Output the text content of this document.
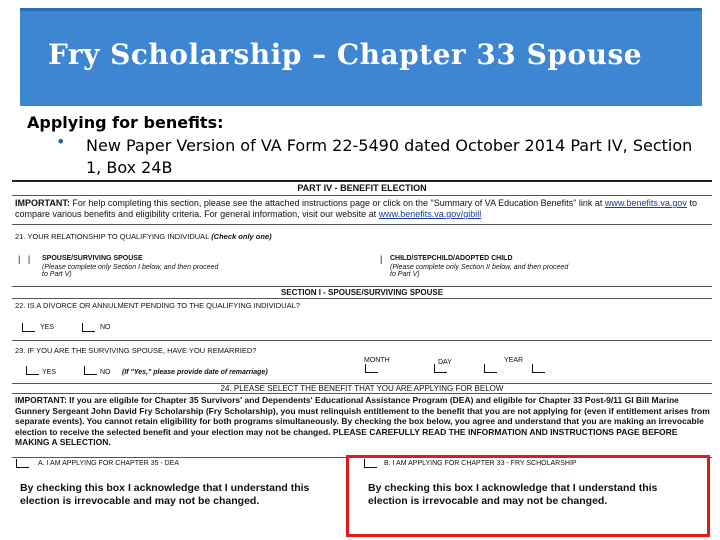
Fry Scholarship – Chapter 33 Spouse
Applying for benefits:
• New Paper Version of VA Form 22-5490 dated October 2014 Part IV, Section 1, Box 24B
PART IV - BENEFIT ELECTION
IMPORTANT: For help completing this section, please see the attached instructions page or click on the "Summary of VA Education Benefits" link at www.benefits.va.gov to compare various benefits and eligibility criteria. For general information, visit our website at www.benefits.va.gov/gibill
21. YOUR RELATIONSHIP TO QUALIFYING INDIVIDUAL (Check only one)
|   | SPOUSE/SURVIVING SPOUSE
(Please complete only Section I below, and then proceed to Part V)
| CHILD/STEPCHILD/ADOPTED CHILD
(Please complete only Section II below, and then proceed to Part V)
SECTION I - SPOUSE/SURVIVING SPOUSE
22. IS A DIVORCE OR ANNULMENT PENDING TO THE QUALIFYING INDIVIDUAL?
YES	NO
23. IF YOU ARE THE SURVIVING SPOUSE, HAVE YOU REMARRIED?
MONTH	DAY	YEAR
YES	NO (If "Yes," please provide date of remarriage)
24. PLEASE SELECT THE BENEFIT THAT YOU ARE APPLYING FOR BELOW
IMPORTANT: If you are eligible for Chapter 35 Survivors' and Dependents' Educational Assistance Program (DEA) and eligible for Chapter 33 Post-9/11 GI Bill Marine Gunnery Sergeant John David Fry Scholarship (Fry Scholarship), you must relinquish entitlement to the benefit that you are not applying for (even if entitlement arises from separate events). You cannot retain eligibility for both programs simultaneously. By checking the box below, you agree and understand that you are making an irrevocable election to receive the selected benefit and your election may not be changed. PLEASE CAREFULLY READ THE INFORMATION AND INSTRUCTIONS PAGE BEFORE MAKING A SELECTION.
A. I AM APPLYING FOR CHAPTER 35 - DEA	B. I AM APPLYING FOR CHAPTER 33 - FRY SCHOLARSHIP
By checking this box I acknowledge that I understand this election is irrevocable and may not be changed.
By checking this box I acknowledge that I understand this election is irrevocable and may not be changed.
